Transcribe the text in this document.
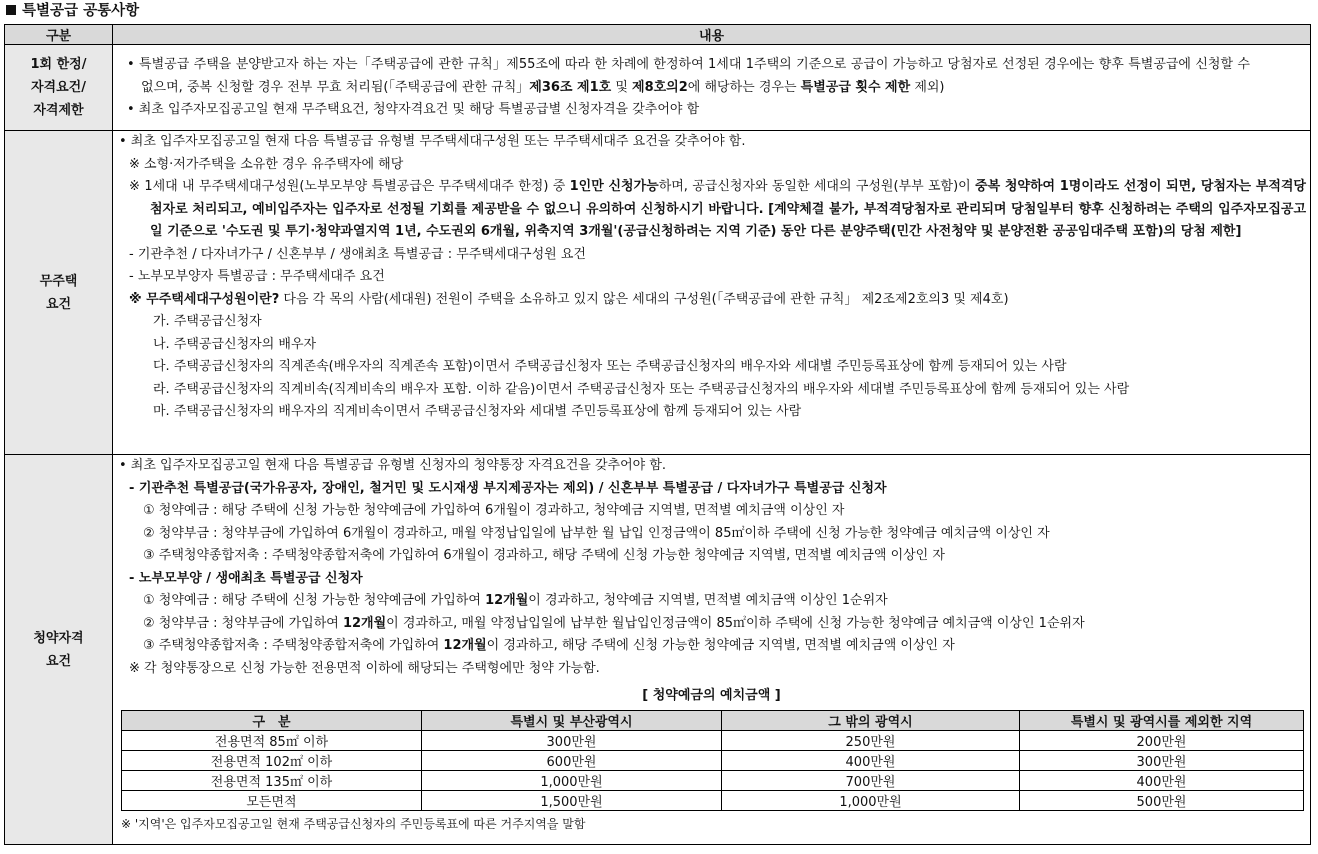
특별공급 공통사항
구분	내용

1회 한정/
자격요건/
자격제한

• 특별공급 주택을 분양받고자 하는 자는「주택공급에 관한 규칙」제55조에 따라 한 차례에 한정하여 1세대 1주택의 기준으로 공급이 가능하고 당첨자로 선정된 경우에는 향후 특별공급에 신청할 수 없으며, 중복 신청할 경우 전부 무효 처리됨(「주택공급에 관한 규칙」제36조 제1호 및 제8호의2에 해당하는 경우는 특별공급 횟수 제한 제외)
• 최초 입주자모집공고일 현재 무주택요건, 청약자격요건 및 해당 특별공급별 신청자격을 갖추어야 함

무주택
요건

• 최초 입주자모집공고일 현재 다음 특별공급 유형별 무주택세대구성원 또는 무주택세대주 요건을 갖추어야 함.
※ 소형·저가주택을 소유한 경우 유주택자에 해당
※ 1세대 내 무주택세대구성원(노부모부양 특별공급은 무주택세대주 한정) 중 1인만 신청가능하며, 공급신청자와 동일한 세대의 구성원(부부 포함)이 중복 청약하여 1명이라도 선정이 되면, 당첨자는 부적격당첨자로 처리되고, 예비입주자는 입주자로 선정될 기회를 제공받을 수 없으니 유의하여 신청하시기 바랍니다. [계약체결 불가, 부적격당첨자로 관리되며 당첨일부터 향후 신청하려는 주택의 입주자모집공고일 기준으로 '수도권 및 투기·청약과열지역 1년, 수도권외 6개월, 위축지역 3개월'(공급신청하려는 지역 기준) 동안 다른 분양주택(민간 사전청약 및 분양전환 공공임대주택 포함)의 당첨 제한]
- 기관추천 / 다자녀가구 / 신혼부부 / 생애최초 특별공급 : 무주택세대구성원 요건
- 노부모부양자 특별공급 : 무주택세대주 요건
※ 무주택세대구성원이란? 다음 각 목의 사람(세대원) 전원이 주택을 소유하고 있지 않은 세대의 구성원(「주택공급에 관한 규칙」 제2조제2호의3 및 제4호)
가. 주택공급신청자
나. 주택공급신청자의 배우자
다. 주택공급신청자의 직계존속(배우자의 직계존속 포함)이면서 주택공급신청자 또는 주택공급신청자의 배우자와 세대별 주민등록표상에 함께 등재되어 있는 사람
라. 주택공급신청자의 직계비속(직계비속의 배우자 포함. 이하 같음)이면서 주택공급신청자 또는 주택공급신청자의 배우자와 세대별 주민등록표상에 함께 등재되어 있는 사람
마. 주택공급신청자의 배우자의 직계비속이면서 주택공급신청자와 세대별 주민등록표상에 함께 등재되어 있는 사람

청약자격
요건

• 최초 입주자모집공고일 현재 다음 특별공급 유형별 신청자의 청약통장 자격요건을 갖추어야 함.
- 기관추천 특별공급(국가유공자, 장애인, 철거민 및 도시재생 부지제공자는 제외) / 신혼부부 특별공급 / 다자녀가구 특별공급 신청자
① 청약예금 : 해당 주택에 신청 가능한 청약예금에 가입하여 6개월이 경과하고, 청약예금 지역별, 면적별 예치금액 이상인 자
② 청약부금 : 청약부금에 가입하여 6개월이 경과하고, 매월 약정납입일에 납부한 월 납입 인정금액이 85㎡이하 주택에 신청 가능한 청약예금 예치금액 이상인 자
③ 주택청약종합저축 : 주택청약종합저축에 가입하여 6개월이 경과하고, 해당 주택에 신청 가능한 청약예금 지역별, 면적별 예치금액 이상인 자
- 노부모부양 / 생애최초 특별공급 신청자
① 청약예금 : 해당 주택에 신청 가능한 청약예금에 가입하여 12개월이 경과하고, 청약예금 지역별, 면적별 예치금액 이상인 1순위자
② 청약부금 : 청약부금에 가입하여 12개월이 경과하고, 매월 약정납입일에 납부한 월납입인정금액이 85㎡이하 주택에 신청 가능한 청약예금 예치금액 이상인 1순위자
③ 주택청약종합저축 : 주택청약종합저축에 가입하여 12개월이 경과하고, 해당 주택에 신청 가능한 청약예금 지역별, 면적별 예치금액 이상인 자
※ 각 청약통장으로 신청 가능한 전용면적 이하에 해당되는 주택형에만 청약 가능함.
[ 청약예금의 예치금액 ]
구　분	특별시 및 부산광역시	그 밖의 광역시	특별시 및 광역시를 제외한 지역
전용면적 85㎡ 이하	300만원	250만원	200만원
전용면적 102㎡ 이하	600만원	400만원	300만원
전용면적 135㎡ 이하	1,000만원	700만원	400만원
모든면적	1,500만원	1,000만원	500만원
※ '지역'은 입주자모집공고일 현재 주택공급신청자의 주민등록표에 따른 거주지역을 말함
